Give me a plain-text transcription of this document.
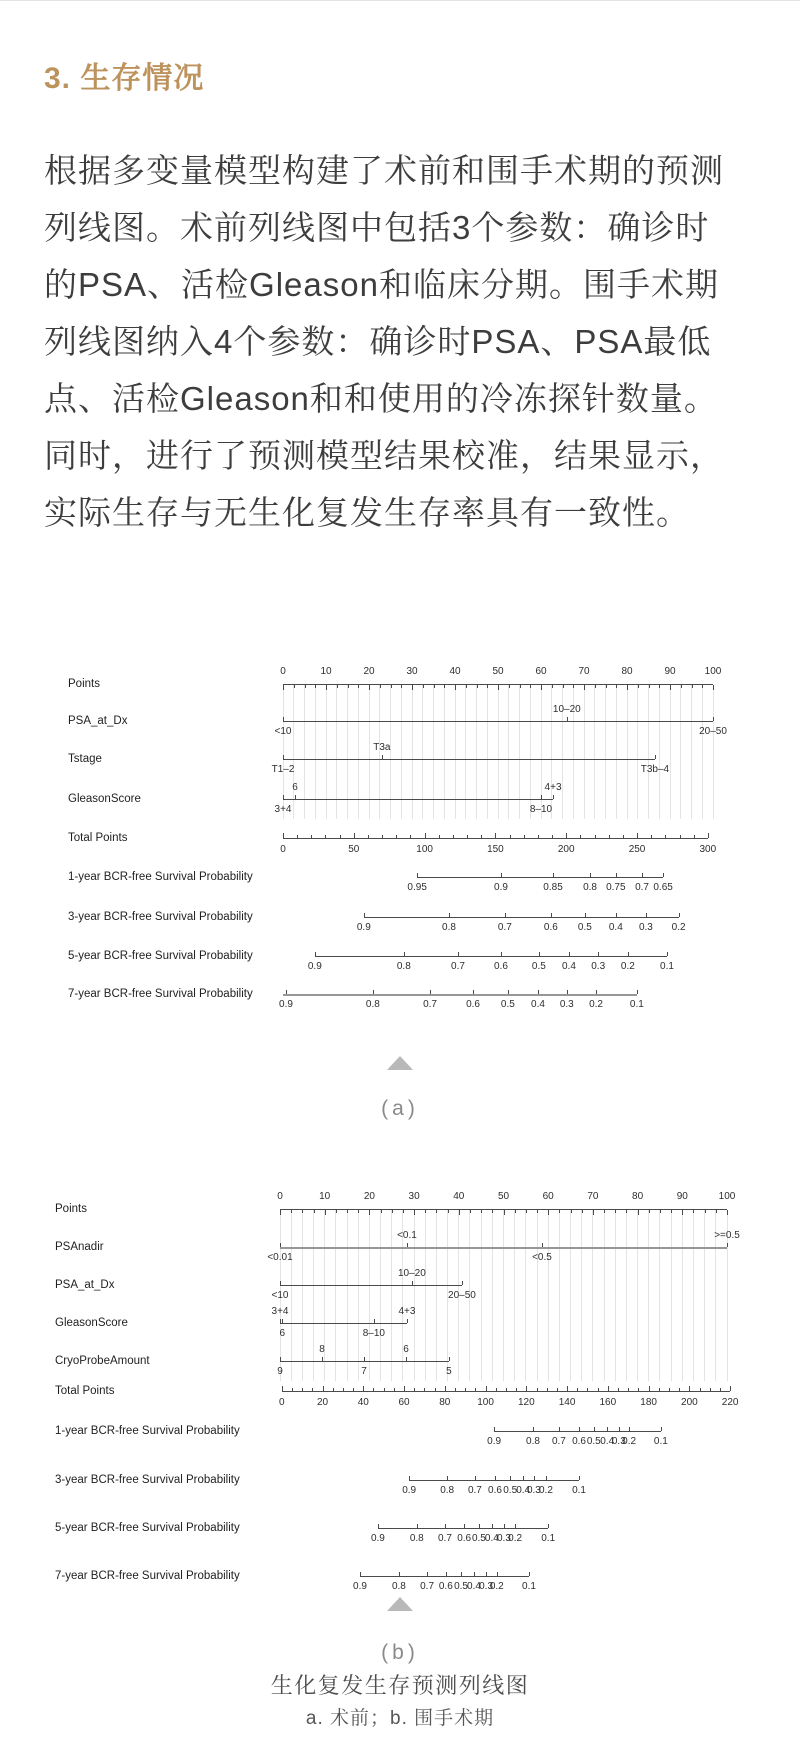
3. 生存情况
根据多变量模型构建了术前和围手术期的预测
列线图。术前列线图中包括3个参数：确诊时
的PSA、活检Gleason和临床分期。围手术期
列线图纳入4个参数：确诊时PSA、PSA最低
点、活检Gleason和和使用的冷冻探针数量。
同时，进行了预测模型结果校准，结果显示，
实际生存与无生化复发生存率具有一致性。
Points
0	10	20	30	40	50	60	70	80	90	100
PSA_at_Dx
<10
10–20
20–50
Tstage
T1–2
T3a
T3b–4
GleasonScore
3+4
6
8–10
4+3
Total Points
0	50	100	150	200	250	300
1-year BCR-free Survival Probability
0.95	0.9	0.85	0.8 0.75 0.7 0.65
3-year BCR-free Survival Probability
0.9	0.8	0.7	0.6	0.5	0.4	0.3	0.2
5-year BCR-free Survival Probability
0.9	0.8	0.7	0.6	0.5	0.4	0.3	0.2	0.1
7-year BCR-free Survival Probability
0.9	0.8	0.7	0.6	0.5	0.4	0.3	0.2	0.1
Points
0	10	20	30	40	50	60	70	80	90	100
PSAnadir
<0.01
<0.1
<0.5
>=0.5
PSA_at_Dx
<10
10–20
20–50
GleasonScore
3+4
6	8–10
4+3
CryoProbeAmount
9
8
7
6
5
Total Points
0	20	40	60	80	100	120	140	160	180	200	220
1-year BCR-free Survival Probability
0.9	0.8	0.7 0.6 0.5 0.4
0.3
0.2	0.1
3-year BCR-free Survival Probability
0.9	0.8	0.7 0.6 0.5 0.4
0.3
0.2	0.1
5-year BCR-free Survival Probability
0.9	0.8	0.7 0.6 0.5 0.4
0.3
0.2	0.1
7-year BCR-free Survival Probability
0.9	0.8	0.7 0.6 0.5 0.4
0.3
0.2	0.1
(a)
(b)
生化复发生存预测列线图
a. 术前；b. 围手术期
